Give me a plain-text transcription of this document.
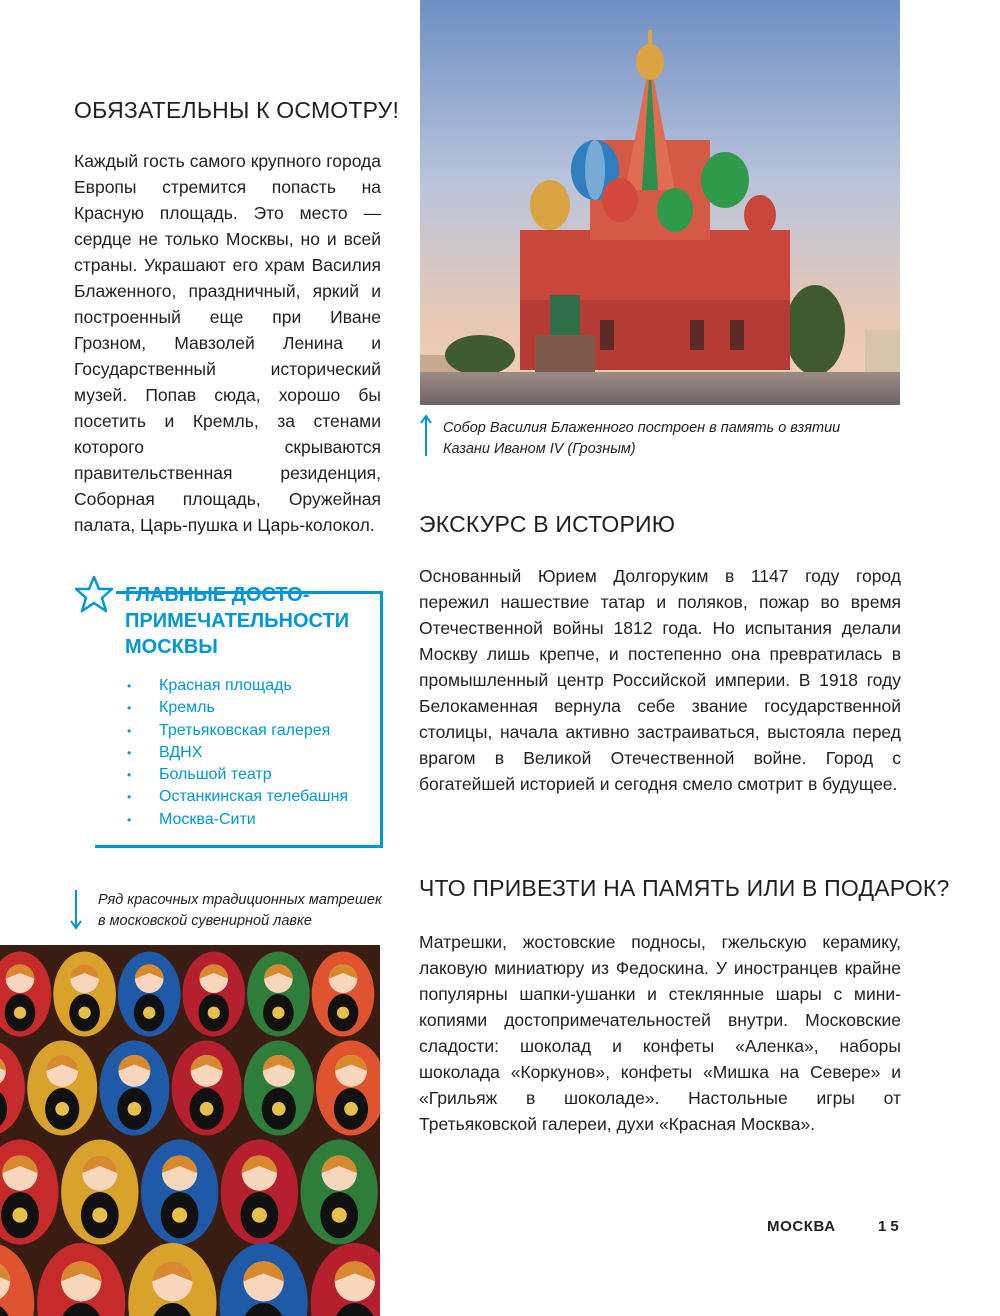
Собор Василия Блаженного построен в память о взятии Казани Иваном IV (Грозным)
ОБЯЗАТЕЛЬНЫ К ОСМОТРУ!

Каждый гость самого крупного города Европы стремится попасть на Красную площадь. Это место — сердце не только Москвы, но и всей страны. Украшают его храм Василия Блаженного, праздничный, яркий и построенный еще при Иване Грозном, Мавзолей Ленина и Государственный исторический музей. Попав сюда, хорошо бы посетить и Кремль, за стенами которого скрываются правительственная резиденция, Соборная площадь, Оружейная палата, Царь-пушка и Царь-колокол.

ГЛАВНЫЕ ДОСТО-ПРИМЕЧАТЕЛЬНОСТИ МОСКВЫ
• Красная площадь
• Кремль
• Третьяковская галерея
• ВДНХ
• Большой театр
• Останкинская телебашня
• Москва-Сити
Ряд красочных традиционных матрешек в московской сувенирной лавке
ЭКСКУРС В ИСТОРИЮ

Основанный Юрием Долгоруким в 1147 году город пережил нашествие татар и поляков, пожар во время Отечественной войны 1812 года. Но испытания делали Москву лишь крепче, и постепенно она превратилась в промышленный центр Российской империи. В 1918 году Белокаменная вернула себе звание государственной столицы, начала активно застраиваться, выстояла перед врагом в Великой Отечественной войне. Город с богатейшей историей и сегодня смело смотрит в будущее.

ЧТО ПРИВЕЗТИ НА ПАМЯТЬ ИЛИ В ПОДАРОК?

Матрешки, жостовские подносы, гжельскую керамику, лаковую миниатюру из Федоскина. У иностранцев крайне популярны шапки-ушанки и стеклянные шары с мини-копиями достопримечательностей внутри. Московские сладости: шоколад и конфеты «Аленка», наборы шоколада «Коркунов», конфеты «Мишка на Севере» и «Грильяж в шоколаде». Настольные игры от Третьяковской галереи, духи «Красная Москва».

МОСКВА	15
